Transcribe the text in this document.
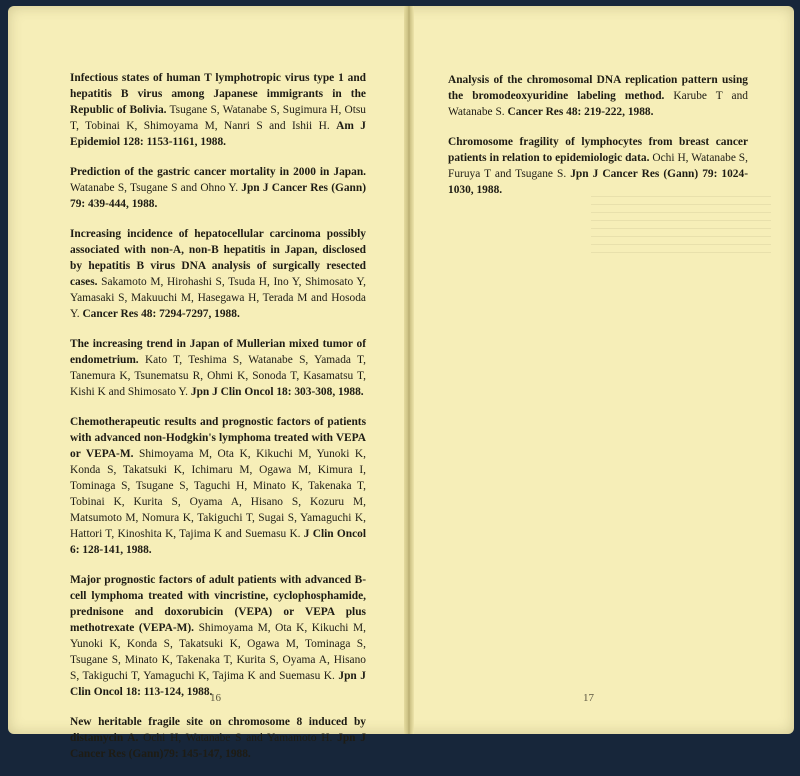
Infectious states of human T lymphotropic virus type 1 and hepatitis B virus among Japanese immigrants in the Republic of Bolivia. Tsugane S, Watanabe S, Sugimura H, Otsu T, Tobinai K, Shimoyama M, Nanri S and Ishii H. Am J Epidemiol 128: 1153-1161, 1988.

Prediction of the gastric cancer mortality in 2000 in Japan. Watanabe S, Tsugane S and Ohno Y. Jpn J Cancer Res (Gann) 79: 439-444, 1988.

Increasing incidence of hepatocellular carcinoma possibly associated with non-A, non-B hepatitis in Japan, disclosed by hepatitis B virus DNA analysis of surgically resected cases. Sakamoto M, Hirohashi S, Tsuda H, Ino Y, Shimosato Y, Yamasaki S, Makuuchi M, Hasegawa H, Terada M and Hosoda Y. Cancer Res 48: 7294-7297, 1988.

The increasing trend in Japan of Mullerian mixed tumor of endometrium. Kato T, Teshima S, Watanabe S, Yamada T, Tanemura K, Tsunematsu R, Ohmi K, Sonoda T, Kasamatsu T, Kishi K and Shimosato Y. Jpn J Clin Oncol 18: 303-308, 1988.

Chemotherapeutic results and prognostic factors of patients with advanced non-Hodgkin's lymphoma treated with VEPA or VEPA-M. Shimoyama M, Ota K, Kikuchi M, Yunoki K, Konda S, Takatsuki K, Ichimaru M, Ogawa M, Kimura I, Tominaga S, Tsugane S, Taguchi H, Minato K, Takenaka T, Tobinai K, Kurita S, Oyama A, Hisano S, Kozuru M, Matsumoto M, Nomura K, Takiguchi T, Sugai S, Yamaguchi K, Hattori T, Kinoshita K, Tajima K and Suemasu K. J Clin Oncol 6: 128-141, 1988.

Major prognostic factors of adult patients with advanced B-cell lymphoma treated with vincristine, cyclophosphamide, prednisone and doxorubicin (VEPA) or VEPA plus methotrexate (VEPA-M). Shimoyama M, Ota K, Kikuchi M, Yunoki K, Konda S, Takatsuki K, Ogawa M, Tominaga S, Tsugane S, Minato K, Takenaka T, Kurita S, Oyama A, Hisano S, Takiguchi T, Yamaguchi K, Tajima K and Suemasu K. Jpn J Clin Oncol 18: 113-124, 1988.

New heritable fragile site on chromosome 8 induced by distamycin A. Ochi H, Watanabe S and Yamamoto H. Jpn J Cancer Res (Gann)79: 145-147, 1988.

16

Analysis of the chromosomal DNA replication pattern using the bromodeoxyuridine labeling method. Karube T and Watanabe S. Cancer Res 48: 219-222, 1988.

Chromosome fragility of lymphocytes from breast cancer patients in relation to epidemiologic data. Ochi H, Watanabe S, Furuya T and Tsugane S. Jpn J Cancer Res (Gann) 79: 1024-1030, 1988.

17
